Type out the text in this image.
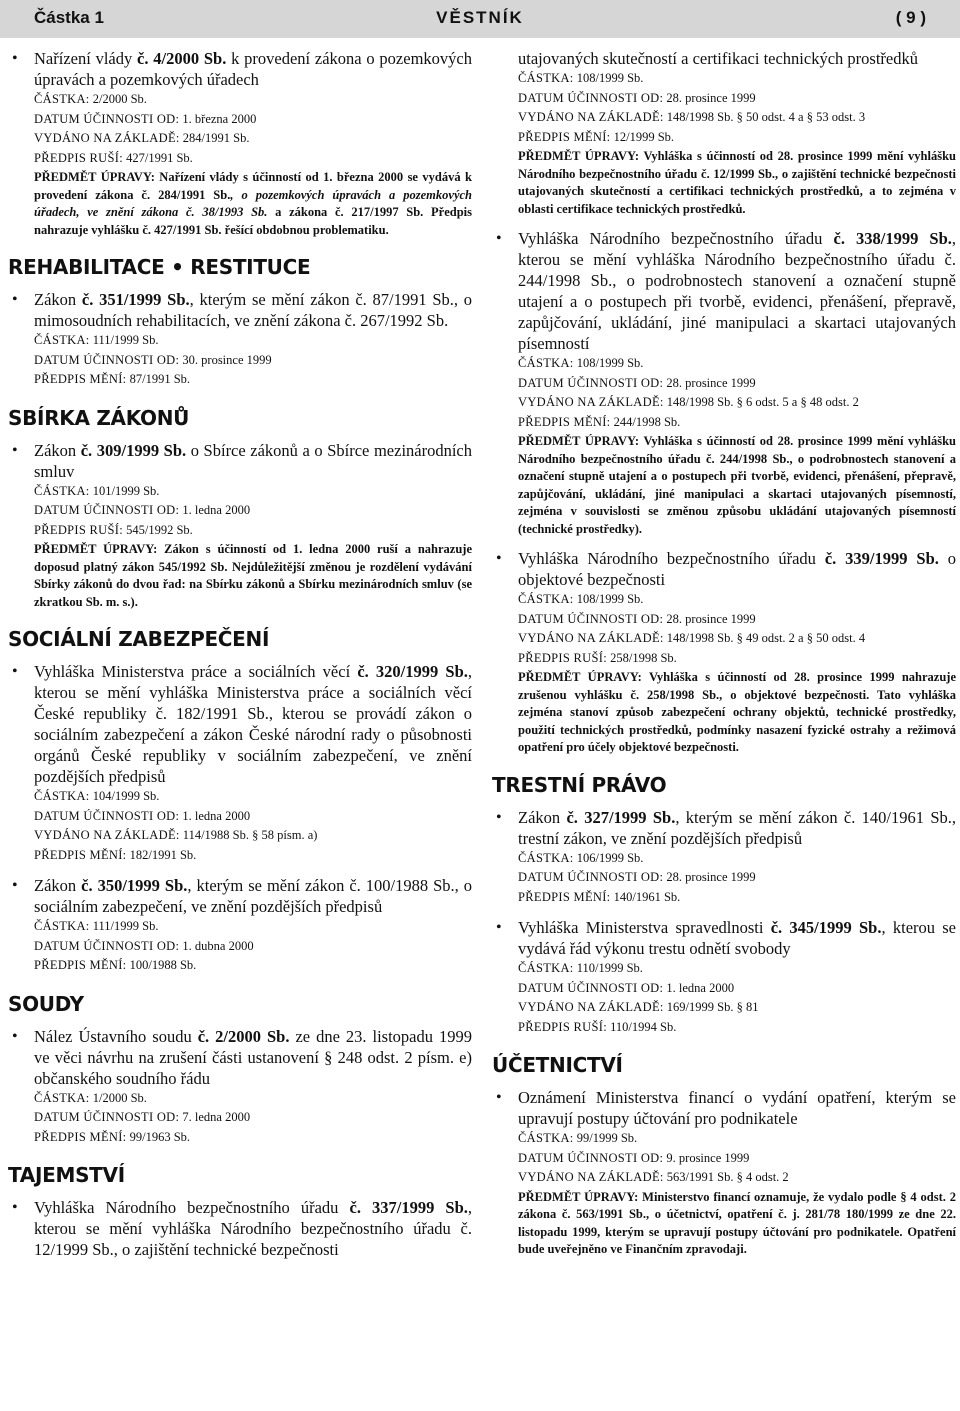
Částka 1	VĚSTNÍK	( 9 )
• Nařízení vlády č. 4/2000 Sb. k provedení zákona o pozemkových úpravách a pozemkových úřadech
ČÁSTKA: 2/2000 Sb.
DATUM ÚČINNOSTI OD: 1. března 2000
VYDÁNO NA ZÁKLADĚ: 284/1991 Sb.
PŘEDPIS RUŠÍ: 427/1991 Sb.
PŘEDMĚT ÚPRAVY: Nařízení vlády s účinností od 1. března 2000 se vydává k provedení zákona č. 284/1991 Sb., o pozemkových úpravách a pozemkových úřadech, ve znění zákona č. 38/1993 Sb. a zákona č. 217/1997 Sb. Předpis nahrazuje vyhlášku č. 427/1991 Sb. řešící obdobnou problematiku.
REHABILITACE • RESTITUCE
• Zákon č. 351/1999 Sb., kterým se mění zákon č. 87/1991 Sb., o mimosoudních rehabilitacích, ve znění zákona č. 267/1992 Sb.
ČÁSTKA: 111/1999 Sb.
DATUM ÚČINNOSTI OD: 30. prosince 1999
PŘEDPIS MĚNÍ: 87/1991 Sb.
SBÍRKA ZÁKONŮ
• Zákon č. 309/1999 Sb. o Sbírce zákonů a o Sbírce mezinárodních smluv
ČÁSTKA: 101/1999 Sb.
DATUM ÚČINNOSTI OD: 1. ledna 2000
PŘEDPIS RUŠÍ: 545/1992 Sb.
PŘEDMĚT ÚPRAVY: Zákon s účinností od 1. ledna 2000 ruší a nahrazuje doposud platný zákon 545/1992 Sb. Nejdůležitější změnou je rozdělení vydávání Sbírky zákonů do dvou řad: na Sbírku zákonů a Sbírku mezinárodních smluv (se zkratkou Sb. m. s.).
SOCIÁLNÍ ZABEZPEČENÍ
• Vyhláška Ministerstva práce a sociálních věcí č. 320/1999 Sb., kterou se mění vyhláška Ministerstva práce a sociálních věcí České republiky č. 182/1991 Sb., kterou se provádí zákon o sociálním zabezpečení a zákon České národní rady o působnosti orgánů České republiky v sociálním zabezpečení, ve znění pozdějších předpisů
ČÁSTKA: 104/1999 Sb.
DATUM ÚČINNOSTI OD: 1. ledna 2000
VYDÁNO NA ZÁKLADĚ: 114/1988 Sb. § 58 písm. a)
PŘEDPIS MĚNÍ: 182/1991 Sb.
• Zákon č. 350/1999 Sb., kterým se mění zákon č. 100/1988 Sb., o sociálním zabezpečení, ve znění pozdějších předpisů
ČÁSTKA: 111/1999 Sb.
DATUM ÚČINNOSTI OD: 1. dubna 2000
PŘEDPIS MĚNÍ: 100/1988 Sb.
SOUDY
• Nález Ústavního soudu č. 2/2000 Sb. ze dne 23. listopadu 1999 ve věci návrhu na zrušení části ustanovení § 248 odst. 2 písm. e) občanského soudního řádu
ČÁSTKA: 1/2000 Sb.
DATUM ÚČINNOSTI OD: 7. ledna 2000
PŘEDPIS MĚNÍ: 99/1963 Sb.
TAJEMSTVÍ
• Vyhláška Národního bezpečnostního úřadu č. 337/1999 Sb., kterou se mění vyhláška Národního bezpečnostního úřadu č. 12/1999 Sb., o zajištění technické bezpečnosti
utajovaných skutečností a certifikaci technických prostředků
ČÁSTKA: 108/1999 Sb.
DATUM ÚČINNOSTI OD: 28. prosince 1999
VYDÁNO NA ZÁKLADĚ: 148/1998 Sb. § 50 odst. 4 a § 53 odst. 3
PŘEDPIS MĚNÍ: 12/1999 Sb.
PŘEDMĚT ÚPRAVY: Vyhláška s účinností od 28. prosince 1999 mění vyhlášku Národního bezpečnostního úřadu č. 12/1999 Sb., o zajištění technické bezpečnosti utajovaných skutečností a certifikaci technických prostředků, a to zejména v oblasti certifikace technických prostředků.
• Vyhláška Národního bezpečnostního úřadu č. 338/1999 Sb., kterou se mění vyhláška Národního bezpečnostního úřadu č. 244/1998 Sb., o podrobnostech stanovení a označení stupně utajení a o postupech při tvorbě, evidenci, přenášení, přepravě, zapůjčování, ukládání, jiné manipulaci a skartaci utajovaných písemností
ČÁSTKA: 108/1999 Sb.
DATUM ÚČINNOSTI OD: 28. prosince 1999
VYDÁNO NA ZÁKLADĚ: 148/1998 Sb. § 6 odst. 5 a § 48 odst. 2
PŘEDPIS MĚNÍ: 244/1998 Sb.
PŘEDMĚT ÚPRAVY: Vyhláška s účinností od 28. prosince 1999 mění vyhlášku Národního bezpečnostního úřadu č. 244/1998 Sb., o podrobnostech stanovení a označení stupně utajení a o postupech při tvorbě, evidenci, přenášení, přepravě, zapůjčování, ukládání, jiné manipulaci a skartaci utajovaných písemností, zejména v souvislosti se změnou způsobu ukládání utajovaných písemností (technické prostředky).
• Vyhláška Národního bezpečnostního úřadu č. 339/1999 Sb. o objektové bezpečnosti
ČÁSTKA: 108/1999 Sb.
DATUM ÚČINNOSTI OD: 28. prosince 1999
VYDÁNO NA ZÁKLADĚ: 148/1998 Sb. § 49 odst. 2 a § 50 odst. 4
PŘEDPIS RUŠÍ: 258/1998 Sb.
PŘEDMĚT ÚPRAVY: Vyhláška s účinností od 28. prosince 1999 nahrazuje zrušenou vyhlášku č. 258/1998 Sb., o objektové bezpečnosti. Tato vyhláška zejména stanoví způsob zabezpečení ochrany objektů, technické prostředky, použití technických prostředků, podmínky nasazení fyzické ostrahy a režimová opatření pro účely objektové bezpečnosti.
TRESTNÍ PRÁVO
• Zákon č. 327/1999 Sb., kterým se mění zákon č. 140/1961 Sb., trestní zákon, ve znění pozdějších předpisů
ČÁSTKA: 106/1999 Sb.
DATUM ÚČINNOSTI OD: 28. prosince 1999
PŘEDPIS MĚNÍ: 140/1961 Sb.
• Vyhláška Ministerstva spravedlnosti č. 345/1999 Sb., kterou se vydává řád výkonu trestu odnětí svobody
ČÁSTKA: 110/1999 Sb.
DATUM ÚČINNOSTI OD: 1. ledna 2000
VYDÁNO NA ZÁKLADĚ: 169/1999 Sb. § 81
PŘEDPIS RUŠÍ: 110/1994 Sb.
ÚČETNICTVÍ
• Oznámení Ministerstva financí o vydání opatření, kterým se upravují postupy účtování pro podnikatele
ČÁSTKA: 99/1999 Sb.
DATUM ÚČINNOSTI OD: 9. prosince 1999
VYDÁNO NA ZÁKLADĚ: 563/1991 Sb. § 4 odst. 2
PŘEDMĚT ÚPRAVY: Ministerstvo financí oznamuje, že vydalo podle § 4 odst. 2 zákona č. 563/1991 Sb., o účetnictví, opatření č. j. 281/78 180/1999 ze dne 22. listopadu 1999, kterým se upravují postupy účtování pro podnikatele. Opatření bude uveřejněno ve Finančním zpravodaji.
